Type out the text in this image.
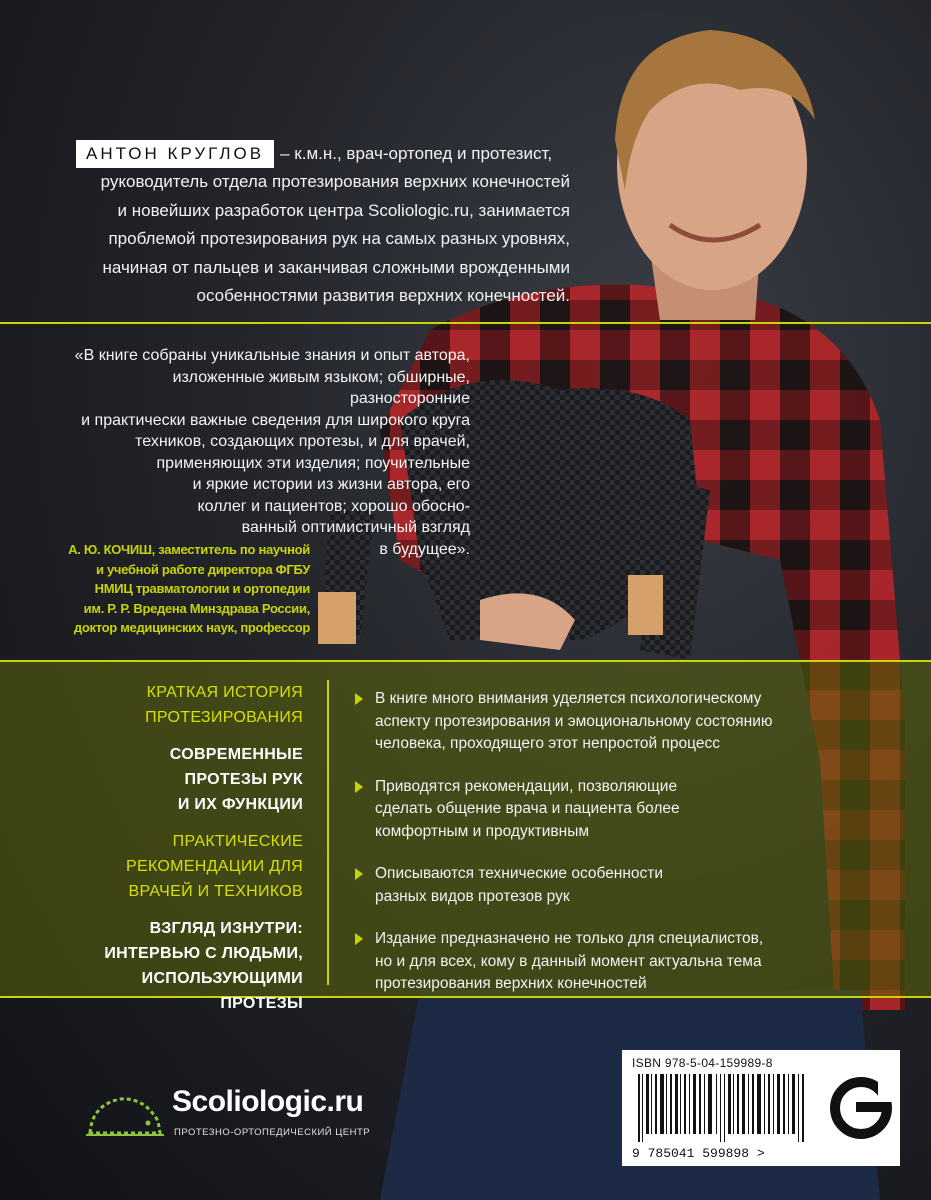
АНТОН КРУГЛОВ – к.м.н., врач-ортопед и протезист,
руководитель отдела протезирования верхних конечностей
и новейших разработок центра Scoliologic.ru, занимается
проблемой протезирования рук на самых разных уровнях,
начиная от пальцев и заканчивая сложными врожденными
особенностями развития верхних конечностей.
«В книге собраны уникальные знания и опыт автора,
изложенные живым языком; обширные, разносторонние
и практически важные сведения для широкого круга
техников, создающих протезы, и для врачей,
применяющих эти изделия; поучительные
и яркие истории из жизни автора, его
коллег и пациентов; хорошо обосно-
ванный оптимистичный взгляд
в будущее».
А. Ю. КОЧИШ, заместитель по научной
и учебной работе директора ФГБУ
НМИЦ травматологии и ортопедии
им. Р. Р. Вредена Минздрава России,
доктор медицинских наук, профессор
КРАТКАЯ ИСТОРИЯ
ПРОТЕЗИРОВАНИЯ
СОВРЕМЕННЫЕ
ПРОТЕЗЫ РУК
И ИХ ФУНКЦИИ
ПРАКТИЧЕСКИЕ
РЕКОМЕНДАЦИИ ДЛЯ
ВРАЧЕЙ И ТЕХНИКОВ
ВЗГЛЯД ИЗНУТРИ:
ИНТЕРВЬЮ С ЛЮДЬМИ,
ИСПОЛЬЗУЮЩИМИ ПРОТЕЗЫ
В книге много внимания уделяется психологическому
аспекту протезирования и эмоциональному состоянию
человека, проходящего этот непростой процесс
Приводятся рекомендации, позволяющие
сделать общение врача и пациента более
комфортным и продуктивным
Описываются технические особенности
разных видов протезов рук
Издание предназначено не только для специалистов,
но и для всех, кому в данный момент актуальна тема
протезирования верхних конечностей
Scoliologic.ru
ПРОТЕЗНО-ОРТОПЕДИЧЕСКИЙ ЦЕНТР
ISBN 978-5-04-159989-8
9 785041 599898 >
